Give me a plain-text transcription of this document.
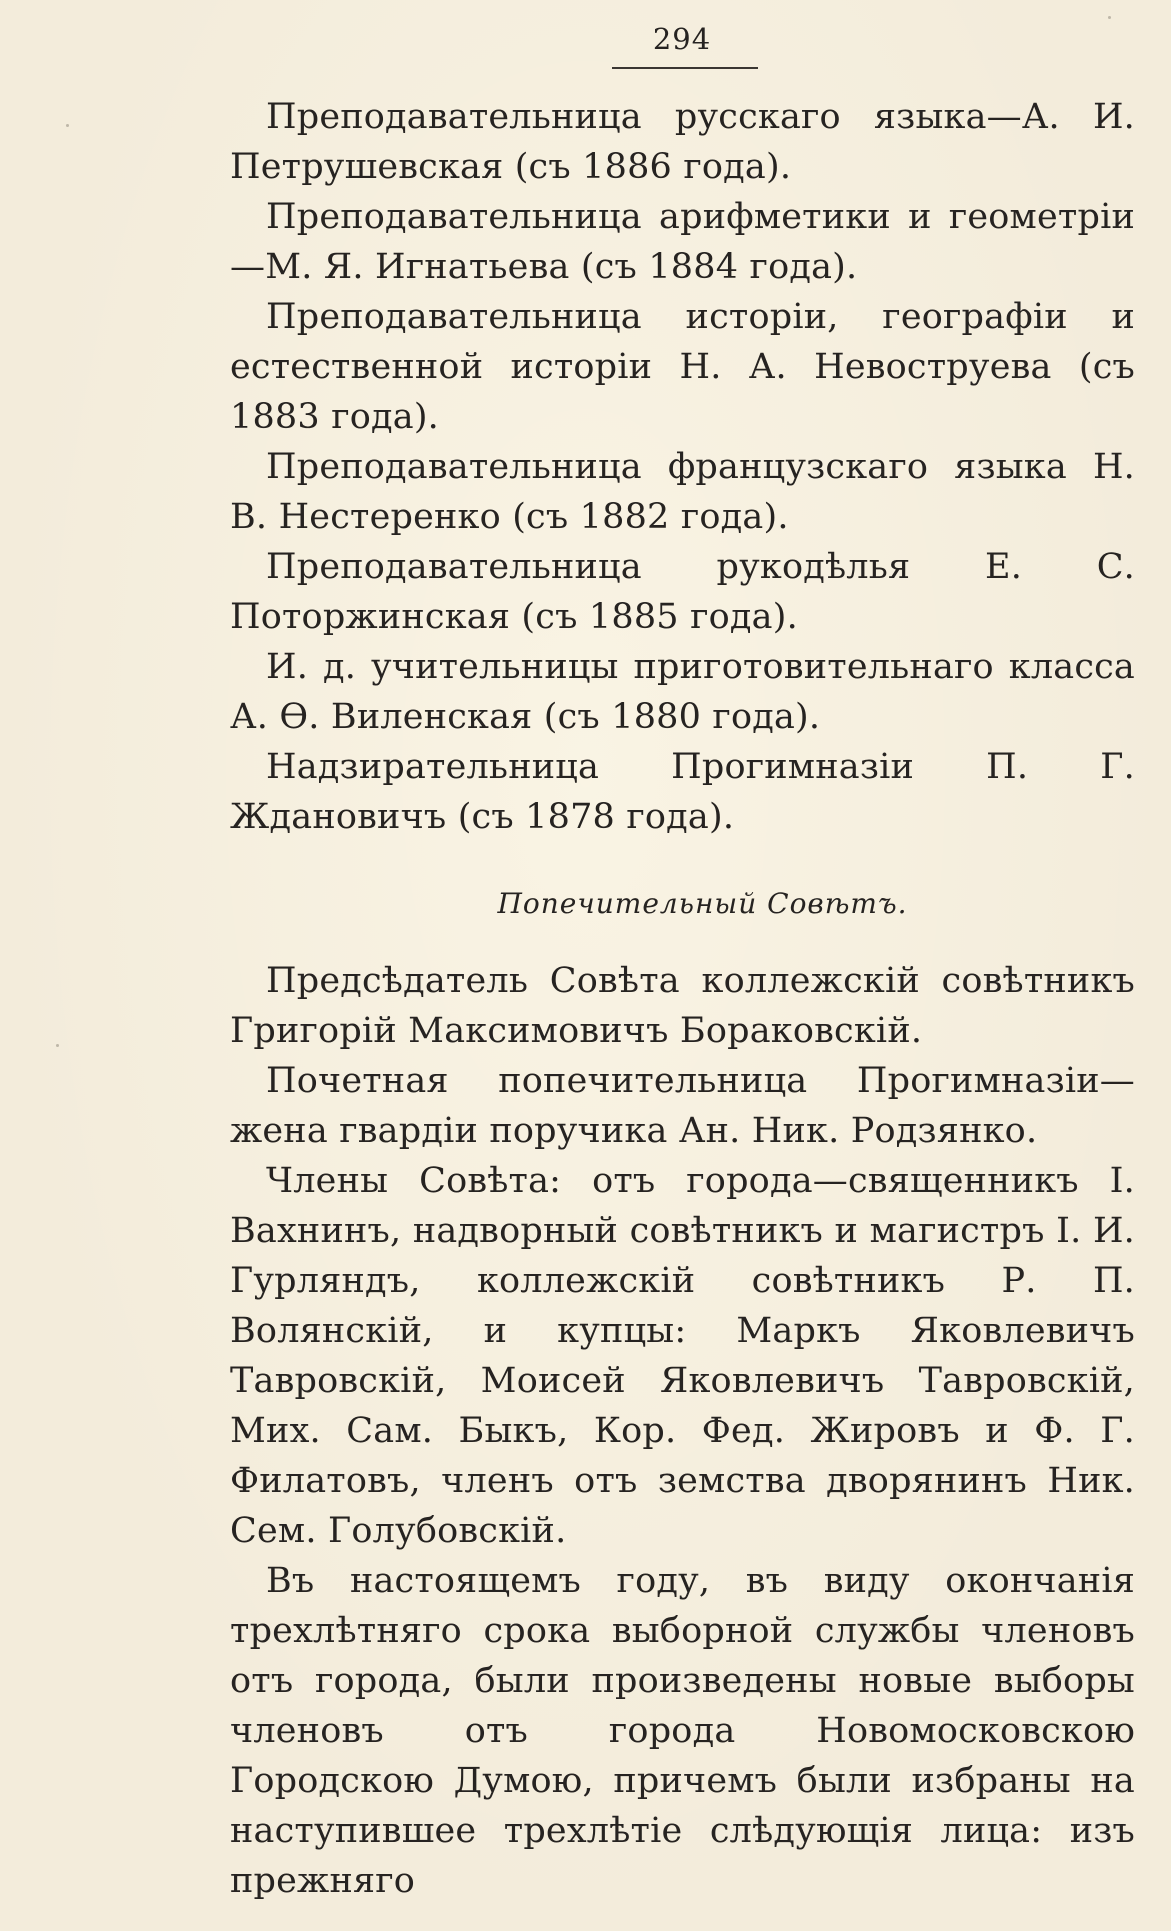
294

Преподавательница русскаго языка—А. И. Петрушевская (съ 1886 года).

Преподавательница арифметики и геометріи—М. Я. Игнатьева (съ 1884 года).

Преподавательница исторіи, географіи и естественной исторіи Н. А. Невоструева (съ 1883 года).

Преподавательница французскаго языка Н. В. Нестеренко (съ 1882 года).

Преподавательница рукодѣлья Е. С. Поторжинская (съ 1885 года).

И. д. учительницы приготовительнаго класса А. Ѳ. Виленская (съ 1880 года).

Надзирательница Прогимназіи П. Г. Ждановичъ (съ 1878 года).

Попечительный Совѣтъ.

Предсѣдатель Совѣта коллежскій совѣтникъ Григорій Максимовичъ Бораковскій.

Почетная попечительница Прогимназіи—жена гвардіи поручика Ан. Ник. Родзянко.

Члены Совѣта: отъ города—священникъ І. Вахнинъ, надворный совѣтникъ и магистръ І. И. Гурляндъ, коллежскій совѣтникъ Р. П. Волянскій, и купцы: Маркъ Яковлевичъ Тавровскій, Моисей Яковлевичъ Тавровскій, Мих. Сам. Быкъ, Кор. Фед. Жировъ и Ф. Г. Филатовъ, членъ отъ земства дворянинъ Ник. Сем. Голубовскій.

Въ настоящемъ году, въ виду окончанія трехлѣтняго срока выборной службы членовъ отъ города, были произведены новые выборы членовъ отъ города Новомосковскою Городскою Думою, причемъ были избраны на наступившее трехлѣтіе слѣдующія лица: изъ прежняго
